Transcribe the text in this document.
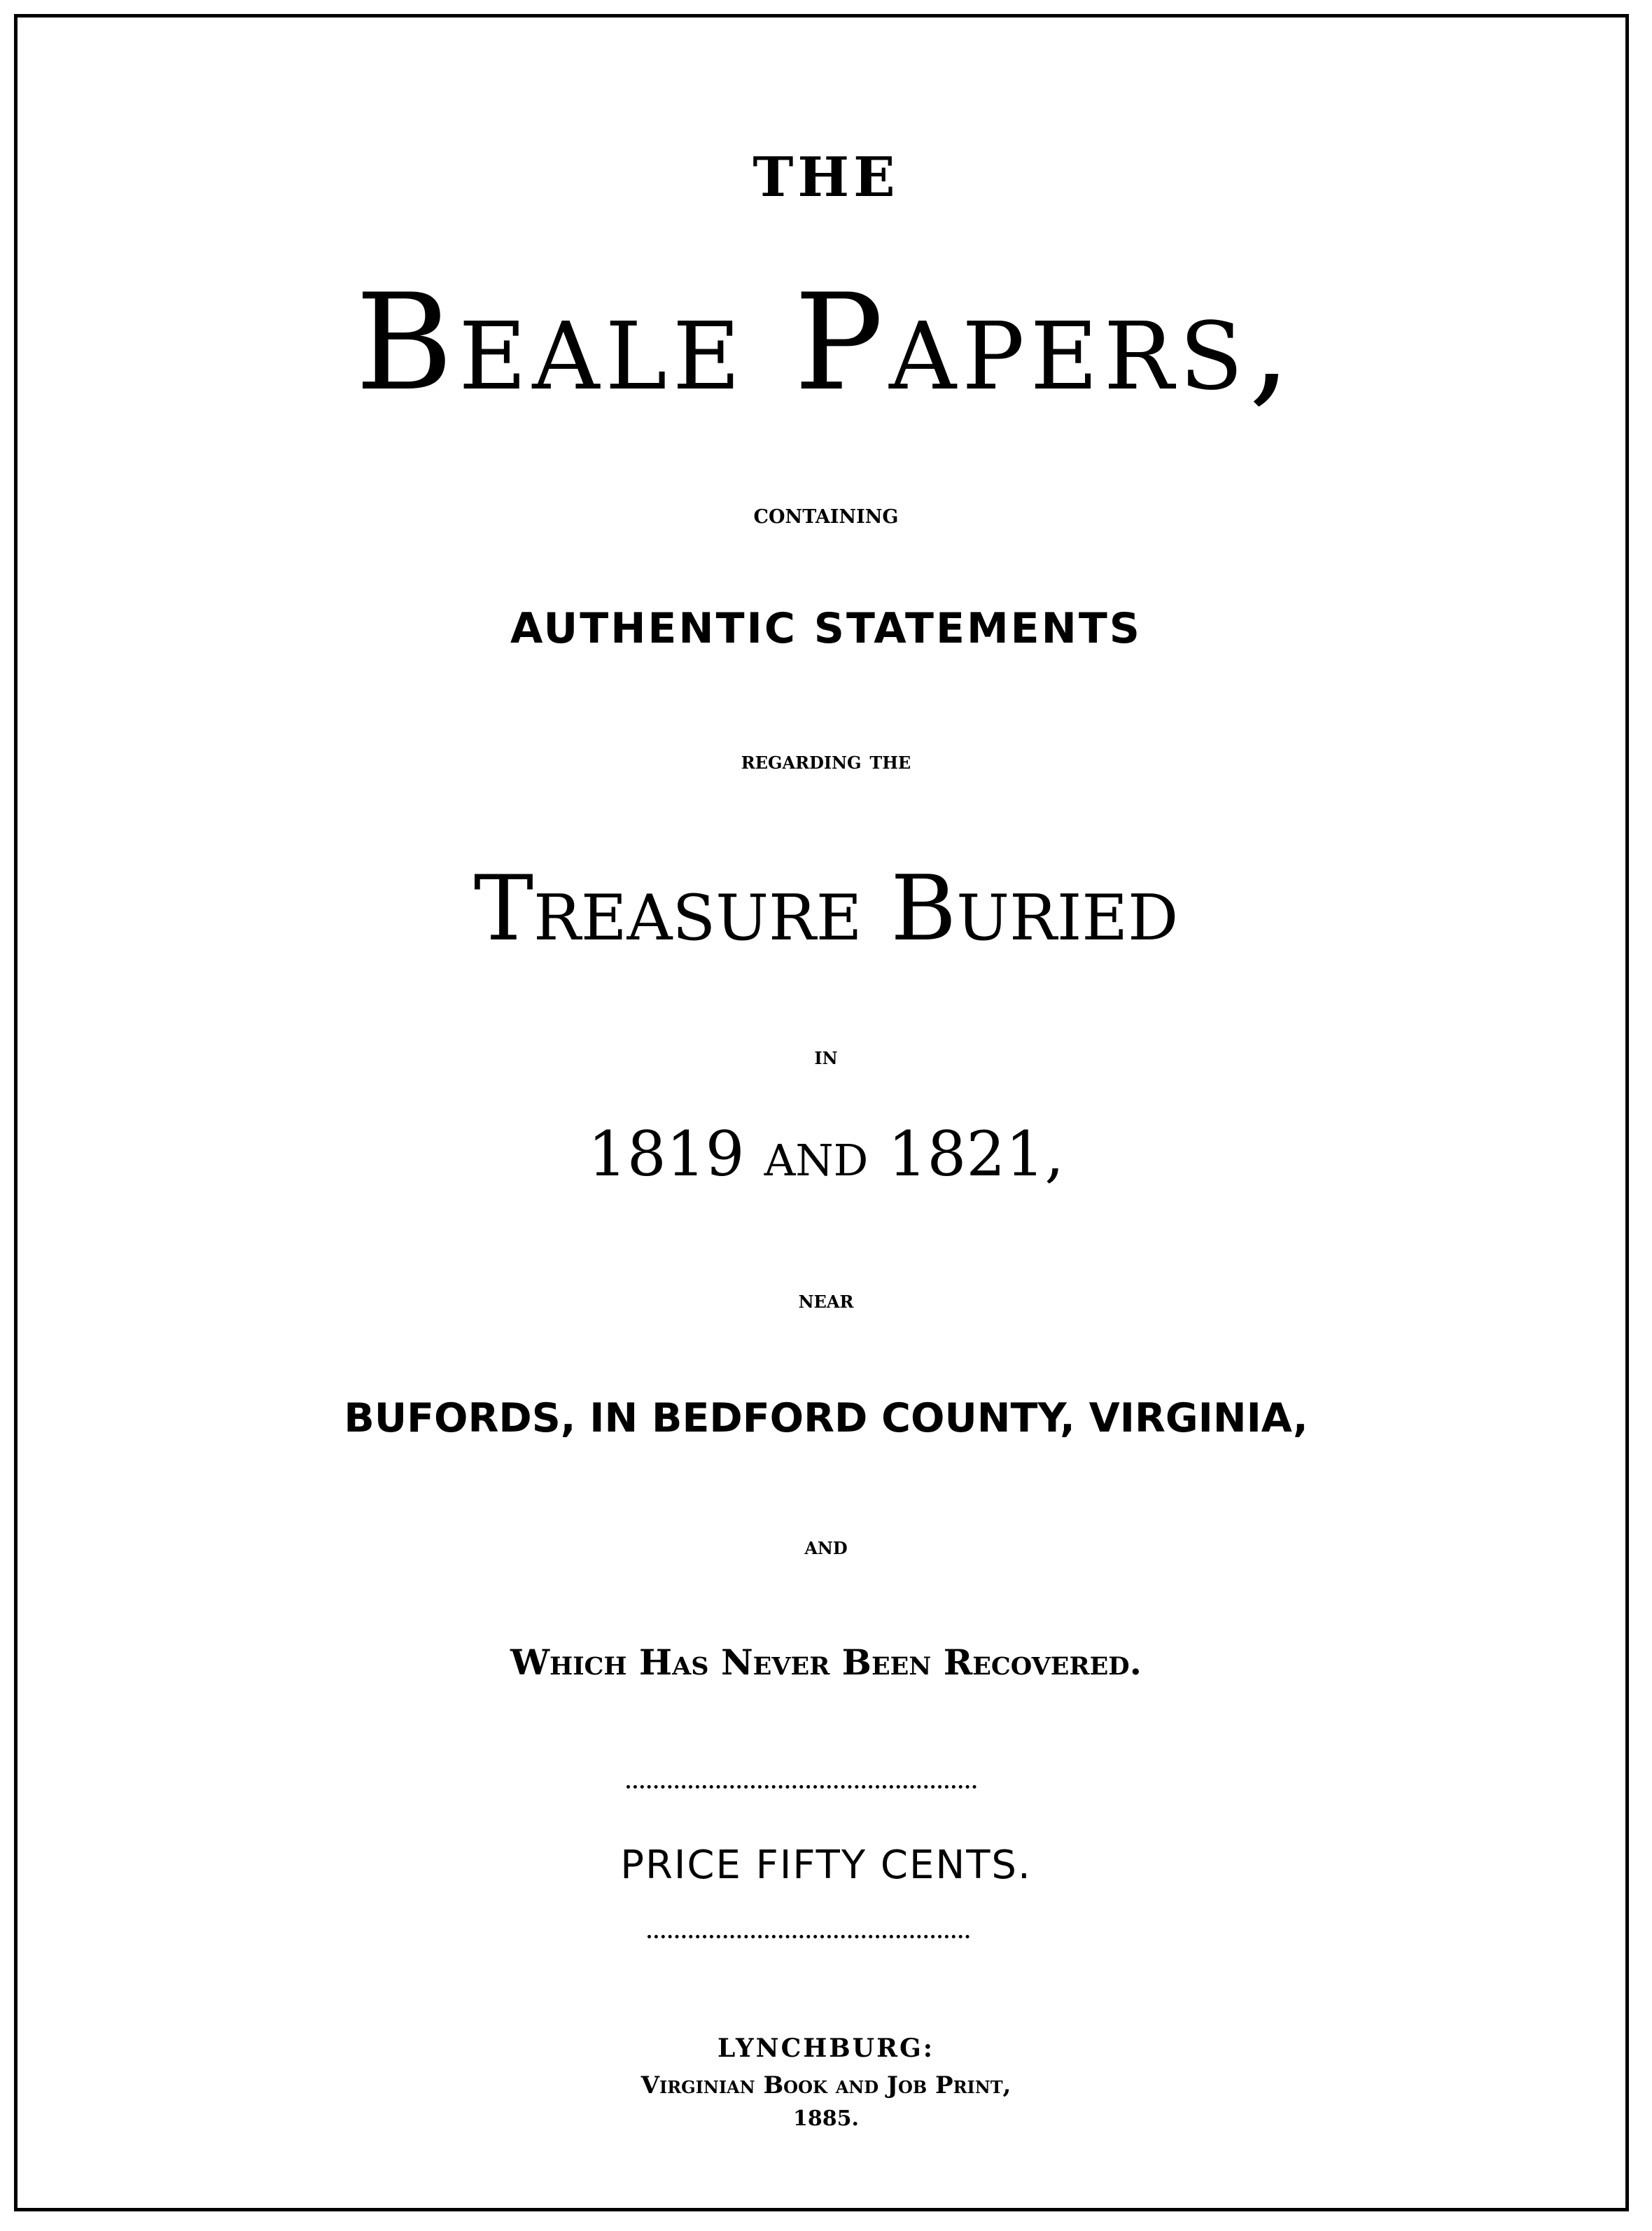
THE
Beale Papers,
containing
AUTHENTIC STATEMENTS
regarding the
Treasure Buried
in
1819 and 1821,
near
BUFORDS, IN BEDFORD COUNTY, VIRGINIA,
and
Which Has Never Been Recovered.
PRICE FIFTY CENTS.
LYNCHBURG:
Virginian Book and Job Print,
1885.
